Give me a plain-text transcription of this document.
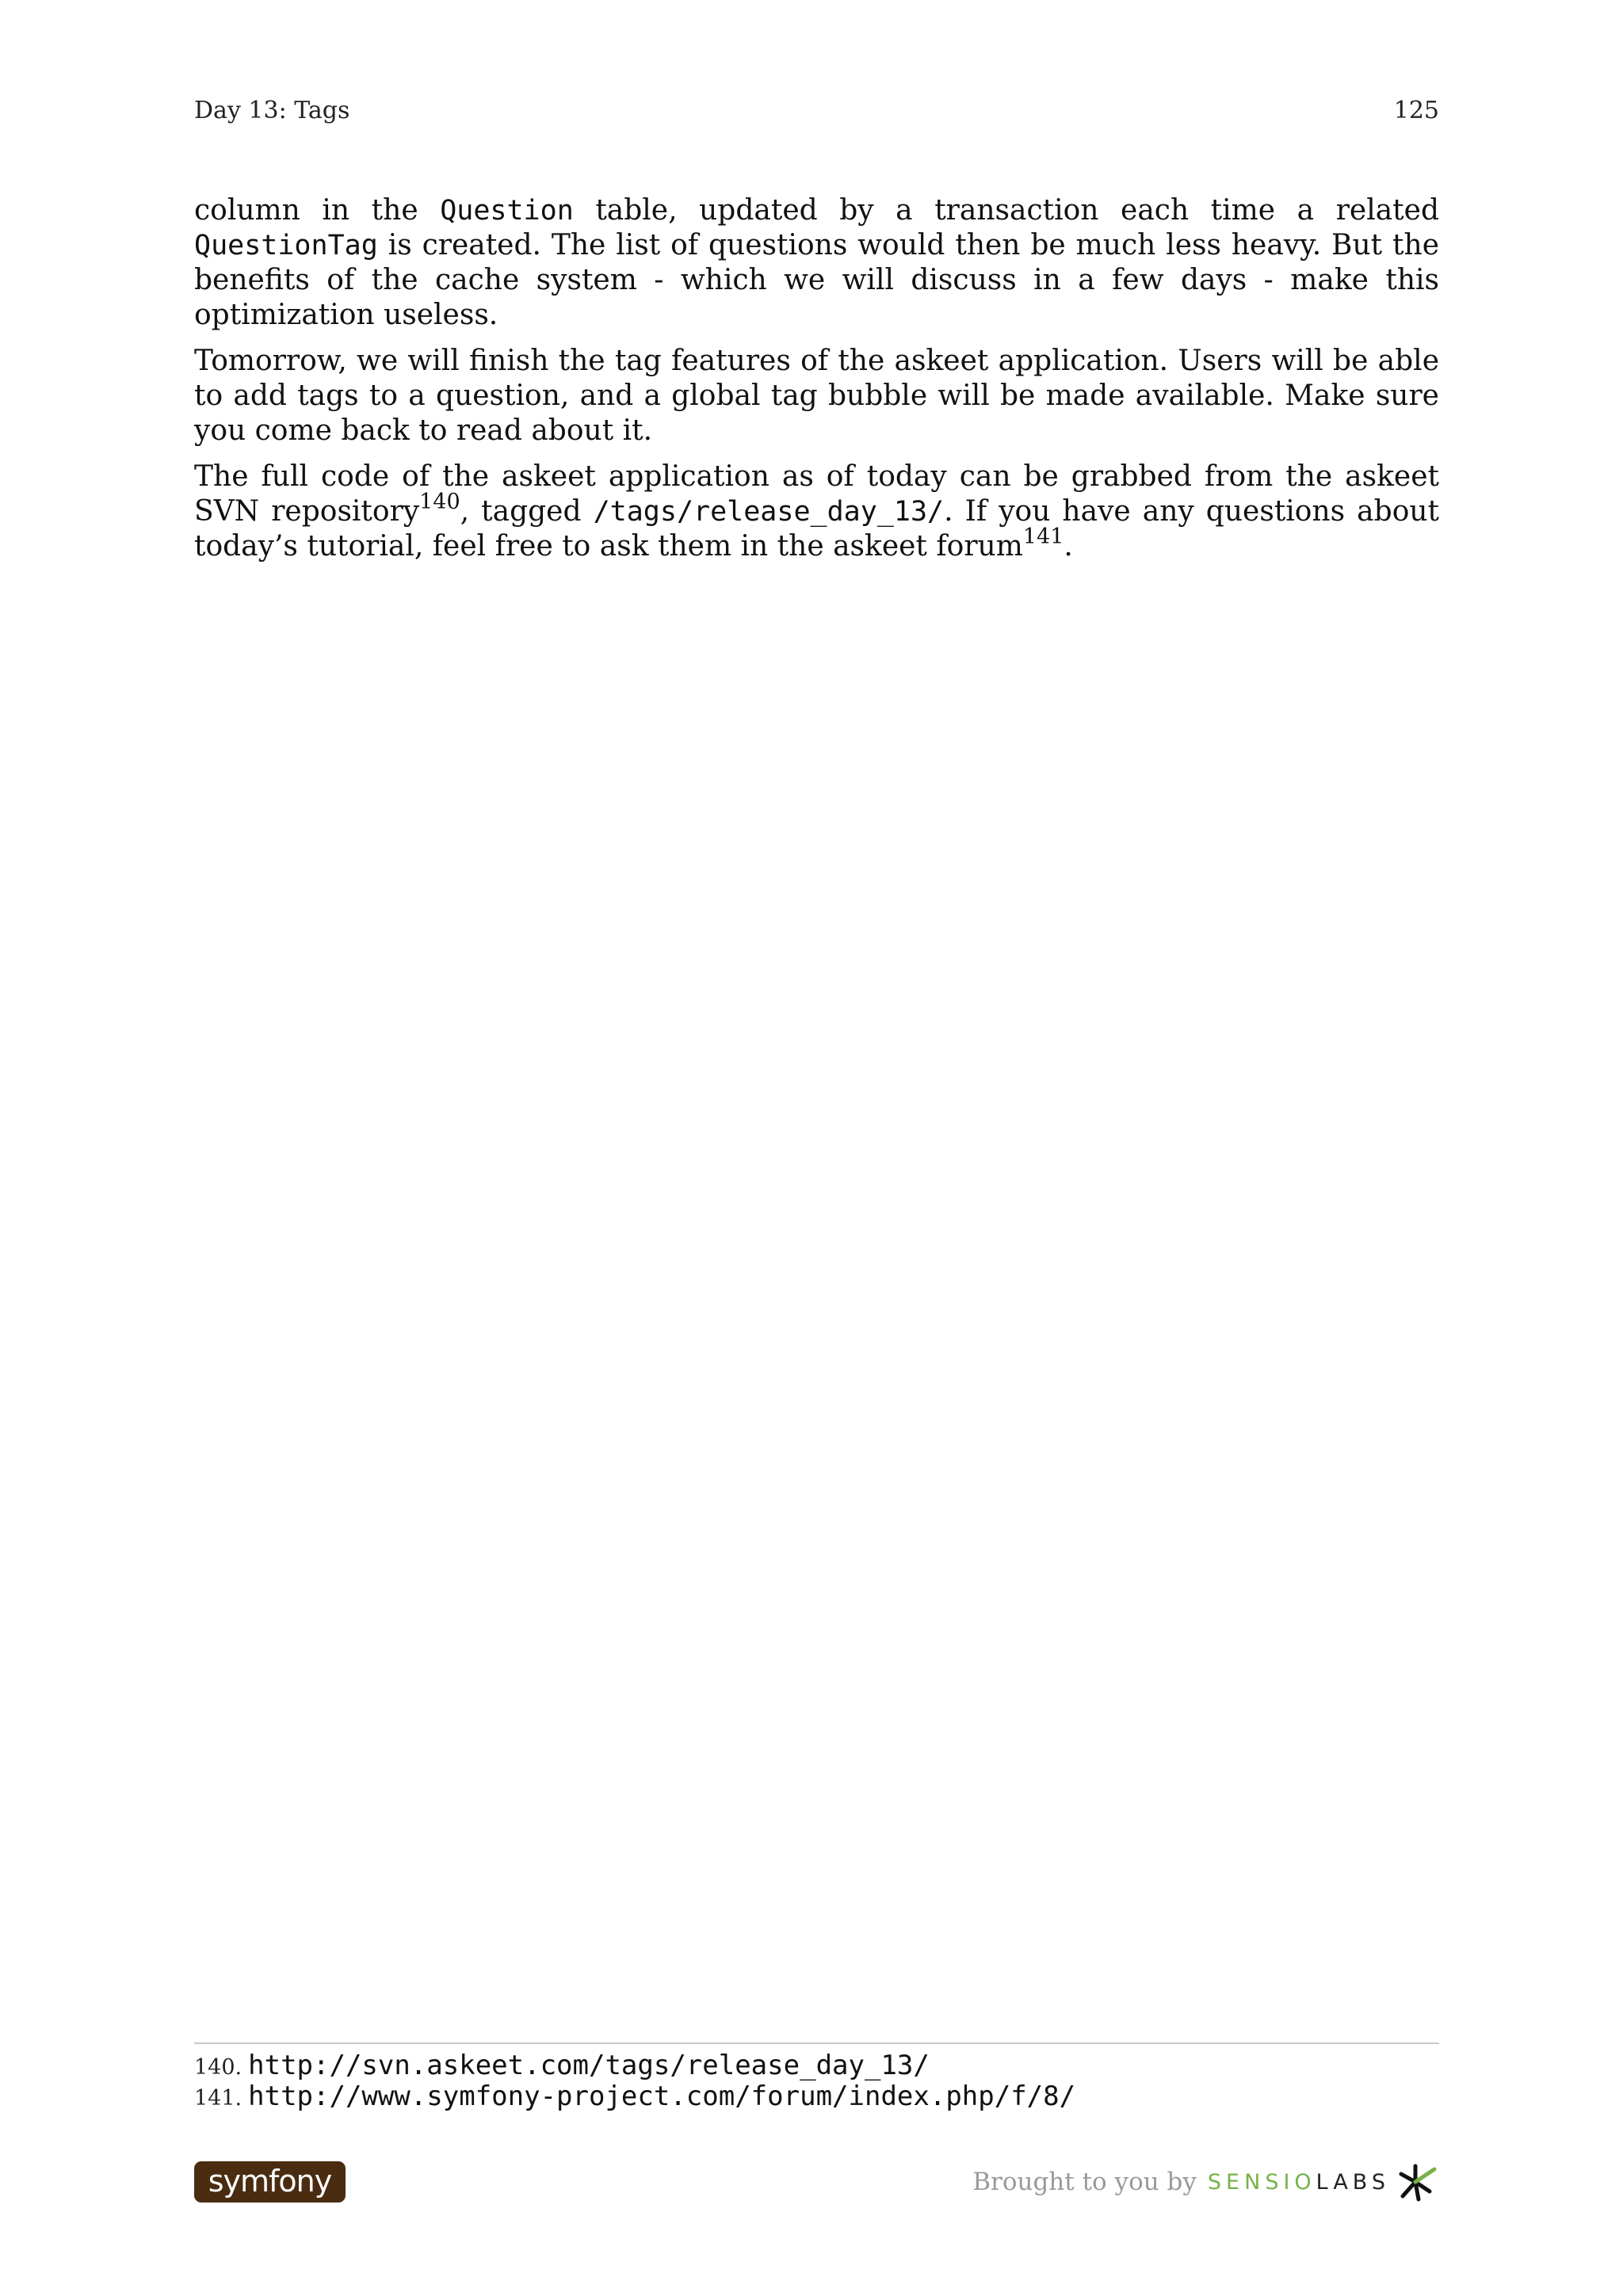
Day 13: Tags	125

column in the Question table, updated by a transaction each time a related QuestionTag is created. The list of questions would then be much less heavy. But the benefits of the cache system - which we will discuss in a few days - make this optimization useless.

Tomorrow, we will finish the tag features of the askeet application. Users will be able to add tags to a question, and a global tag bubble will be made available. Make sure you come back to read about it.

The full code of the askeet application as of today can be grabbed from the askeet SVN repository$^{140}$, tagged /tags/release_day_13/. If you have any questions about today’s tutorial, feel free to ask them in the askeet forum$^{141}$.

140. http://svn.askeet.com/tags/release_day_13/
141. http://www.symfony-project.com/forum/index.php/f/8/
symfony	Brought to you by SENSIO LABS
